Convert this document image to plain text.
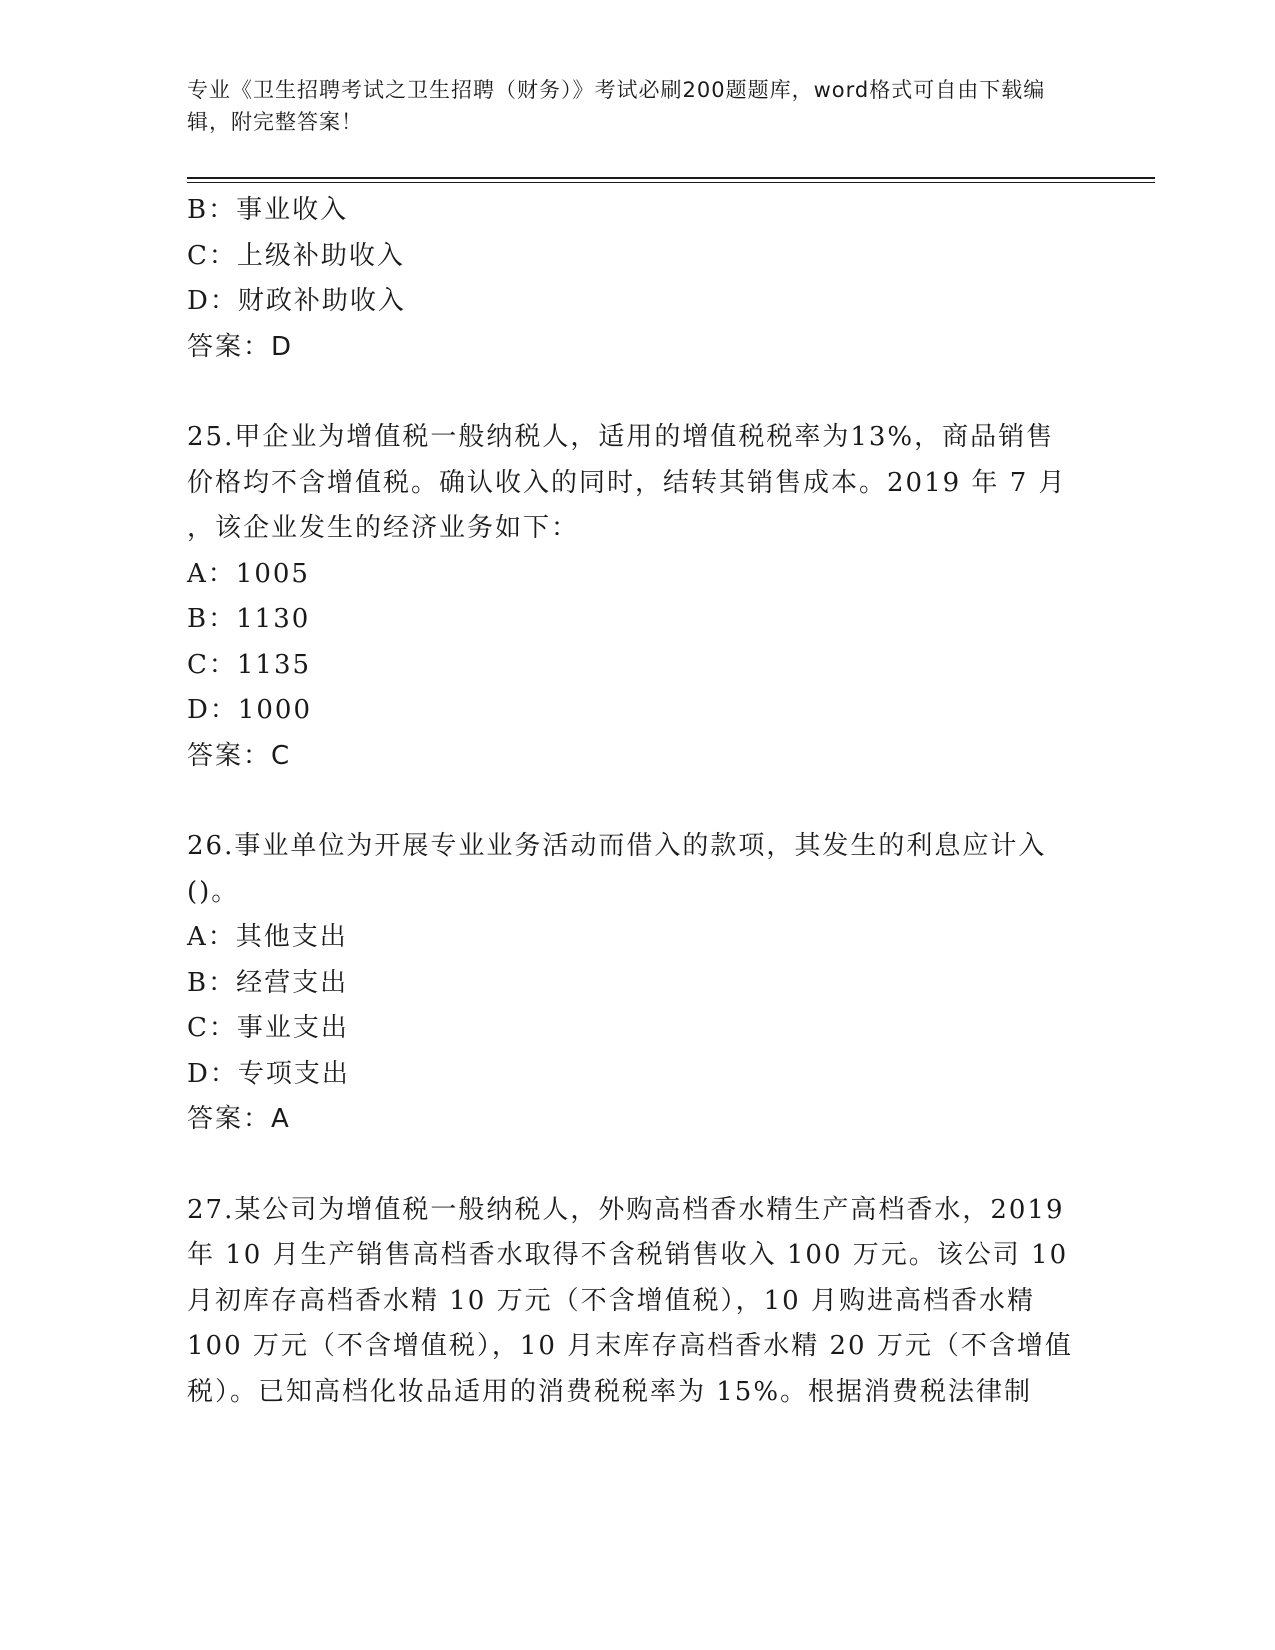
专业《卫生招聘考试之卫生招聘（财务）》考试必刷200题题库，word格式可自由下载编辑，附完整答案！
B：事业收入
C：上级补助收入
D：财政补助收入
答案：D
25.甲企业为增值税一般纳税人，适用的增值税税率为13%，商品销售
价格均不含增值税。确认收入的同时，结转其销售成本。2019 年 7 月
，该企业发生的经济业务如下：
A：1005
B：1130
C：1135
D：1000
答案：C
26.事业单位为开展专业业务活动而借入的款项，其发生的利息应计入
()。
A：其他支出
B：经营支出
C：事业支出
D：专项支出
答案：A
27.某公司为增值税一般纳税人，外购高档香水精生产高档香水，2019
年 10 月生产销售高档香水取得不含税销售收入 100 万元。该公司 10
月初库存高档香水精 10 万元（不含增值税），10 月购进高档香水精
100 万元（不含增值税），10 月末库存高档香水精 20 万元（不含增值
税）。已知高档化妆品适用的消费税税率为 15%。根据消费税法律制
